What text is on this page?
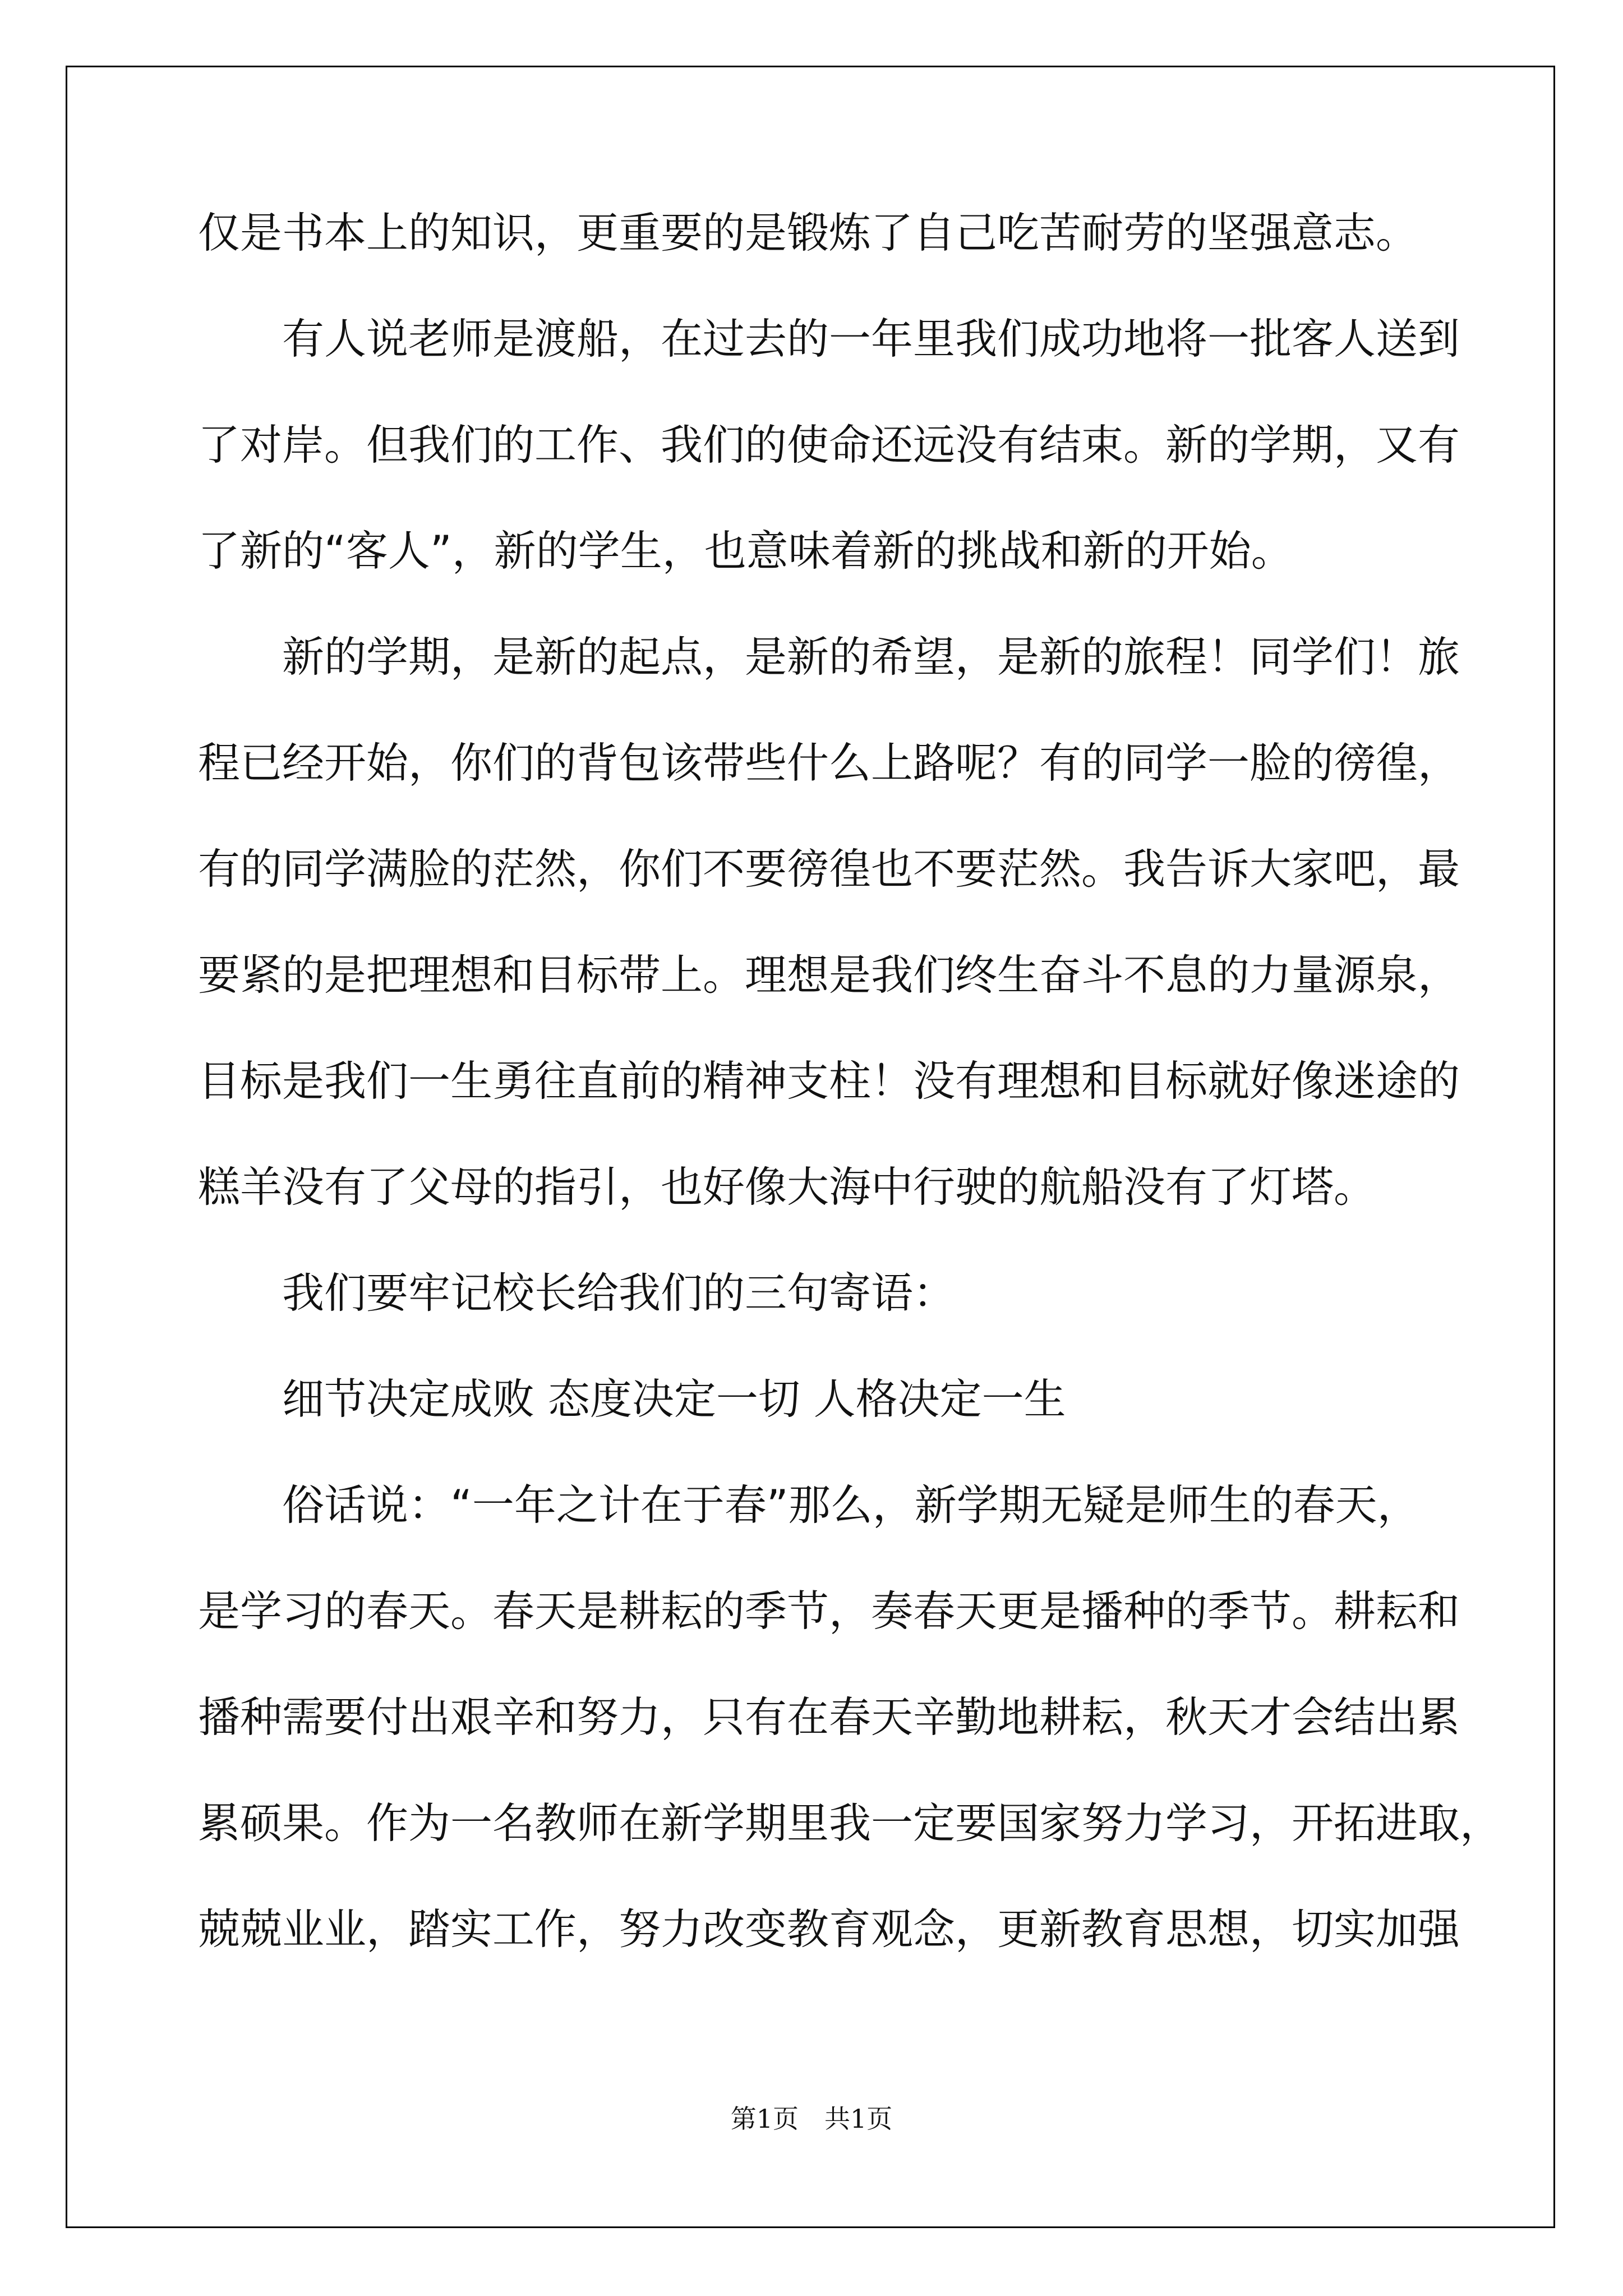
仅是书本上的知识，更重要的是锻炼了自己吃苦耐劳的坚强意志。
　　有人说老师是渡船，在过去的一年里我们成功地将一批客人送到
了对岸。但我们的工作、我们的使命还远没有结束。新的学期，又有
了新的“客人”，新的学生，也意味着新的挑战和新的开始。
　　新的学期，是新的起点，是新的希望，是新的旅程！同学们！旅
程已经开始，你们的背包该带些什么上路呢？有的同学一脸的徬徨，
有的同学满脸的茫然，你们不要徬徨也不要茫然。我告诉大家吧，最
要紧的是把理想和目标带上。理想是我们终生奋斗不息的力量源泉，
目标是我们一生勇往直前的精神支柱！没有理想和目标就好像迷途的
糕羊没有了父母的指引，也好像大海中行驶的航船没有了灯塔。
　　我们要牢记校长给我们的三句寄语：
　　细节决定成败 态度决定一切 人格决定一生
　　俗话说：“一年之计在于春”那么，新学期无疑是师生的春天，
是学习的春天。春天是耕耘的季节，奏春天更是播种的季节。耕耘和
播种需要付出艰辛和努力，只有在春天辛勤地耕耘，秋天才会结出累
累硕果。作为一名教师在新学期里我一定要国家努力学习，开拓进取，
兢兢业业，踏实工作，努力改变教育观念，更新教育思想，切实加强
第1页　共1页
